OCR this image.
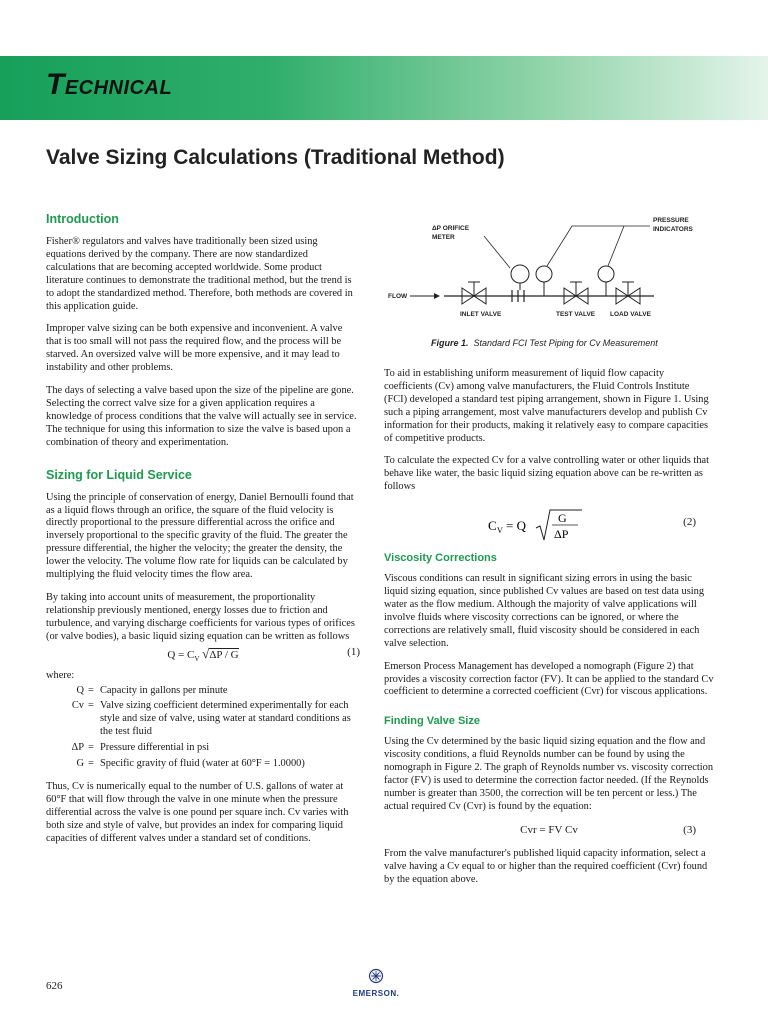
TECHNICAL
Valve Sizing Calculations (Traditional Method)
Introduction

Fisher® regulators and valves have traditionally been sized using equations derived by the company. There are now standardized calculations that are becoming accepted worldwide. Some product literature continues to demonstrate the traditional method, but the trend is to adopt the standardized method. Therefore, both methods are covered in this application guide.

Improper valve sizing can be both expensive and inconvenient. A valve that is too small will not pass the required flow, and the process will be starved. An oversized valve will be more expensive, and it may lead to instability and other problems.

The days of selecting a valve based upon the size of the pipeline are gone. Selecting the correct valve size for a given application requires a knowledge of process conditions that the valve will actually see in service. The technique for using this information to size the valve is based upon a combination of theory and experimentation.

Sizing for Liquid Service

Using the principle of conservation of energy, Daniel Bernoulli found that as a liquid flows through an orifice, the square of the fluid velocity is directly proportional to the pressure differential across the orifice and inversely proportional to the specific gravity of the fluid. The greater the pressure differential, the higher the velocity; the greater the density, the lower the velocity. The volume flow rate for liquids can be calculated by multiplying the fluid velocity times the flow area.

By taking into account units of measurement, the proportionality relationship previously mentioned, energy losses due to friction and turbulence, and varying discharge coefficients for various types of orifices (or valve bodies), a basic liquid sizing equation can be written as follows

$Q = C_V$ √ΔP / G	(1)
where:
Q = Capacity in gallons per minute
Cv = Valve sizing coefficient determined experimentally for each style and size of valve, using water at standard conditions as the test fluid
ΔP = Pressure differential in psi
G = Specific gravity of fluid (water at 60°F = 1.0000)

Thus, Cv is numerically equal to the number of U.S. gallons of water at 60°F that will flow through the valve in one minute when the pressure differential across the valve is one pound per square inch. Cv varies with both size and style of valve, but provides an index for comparing liquid capacities of different valves under a standard set of conditions.

ΔP ORIFICE
METER
PRESSURE
INDICATORS
FLOW
INLET VALVE	TEST VALVE LOAD VALVE
Figure 1. Standard FCI Test Piping for Cv Measurement

To aid in establishing uniform measurement of liquid flow capacity coefficients (Cv) among valve manufacturers, the Fluid Controls Institute (FCI) developed a standard test piping arrangement, shown in Figure 1. Using such a piping arrangement, most valve manufacturers develop and publish Cv information for their products, making it relatively easy to compare capacities of competitive products.

To calculate the expected Cv for a valve controlling water or other liquids that behave like water, the basic liquid sizing equation above can be re-written as follows

C V = Q	G
ΔP
(2)
Viscosity Corrections

Viscous conditions can result in significant sizing errors in using the basic liquid sizing equation, since published Cv values are based on test data using water as the flow medium. Although the majority of valve applications will involve fluids where viscosity corrections can be ignored, or where the corrections are relatively small, fluid viscosity should be considered in each valve selection.

Emerson Process Management has developed a nomograph (Figure 2) that provides a viscosity correction factor (FV). It can be applied to the standard Cv coefficient to determine a corrected coefficient (Cvr) for viscous applications.

Finding Valve Size

Using the Cv determined by the basic liquid sizing equation and the flow and viscosity conditions, a fluid Reynolds number can be found by using the nomograph in Figure 2. The graph of Reynolds number vs. viscosity correction factor (FV) is used to determine the correction factor needed. (If the Reynolds number is greater than 3500, the correction will be ten percent or less.) The actual required Cv (Cvr) is found by the equation:

Cvr = FV Cv	(3)

From the valve manufacturer's published liquid capacity information, select a valve having a Cv equal to or higher than the required coefficient (Cvr) found by the equation above.

626
EMERSON.
